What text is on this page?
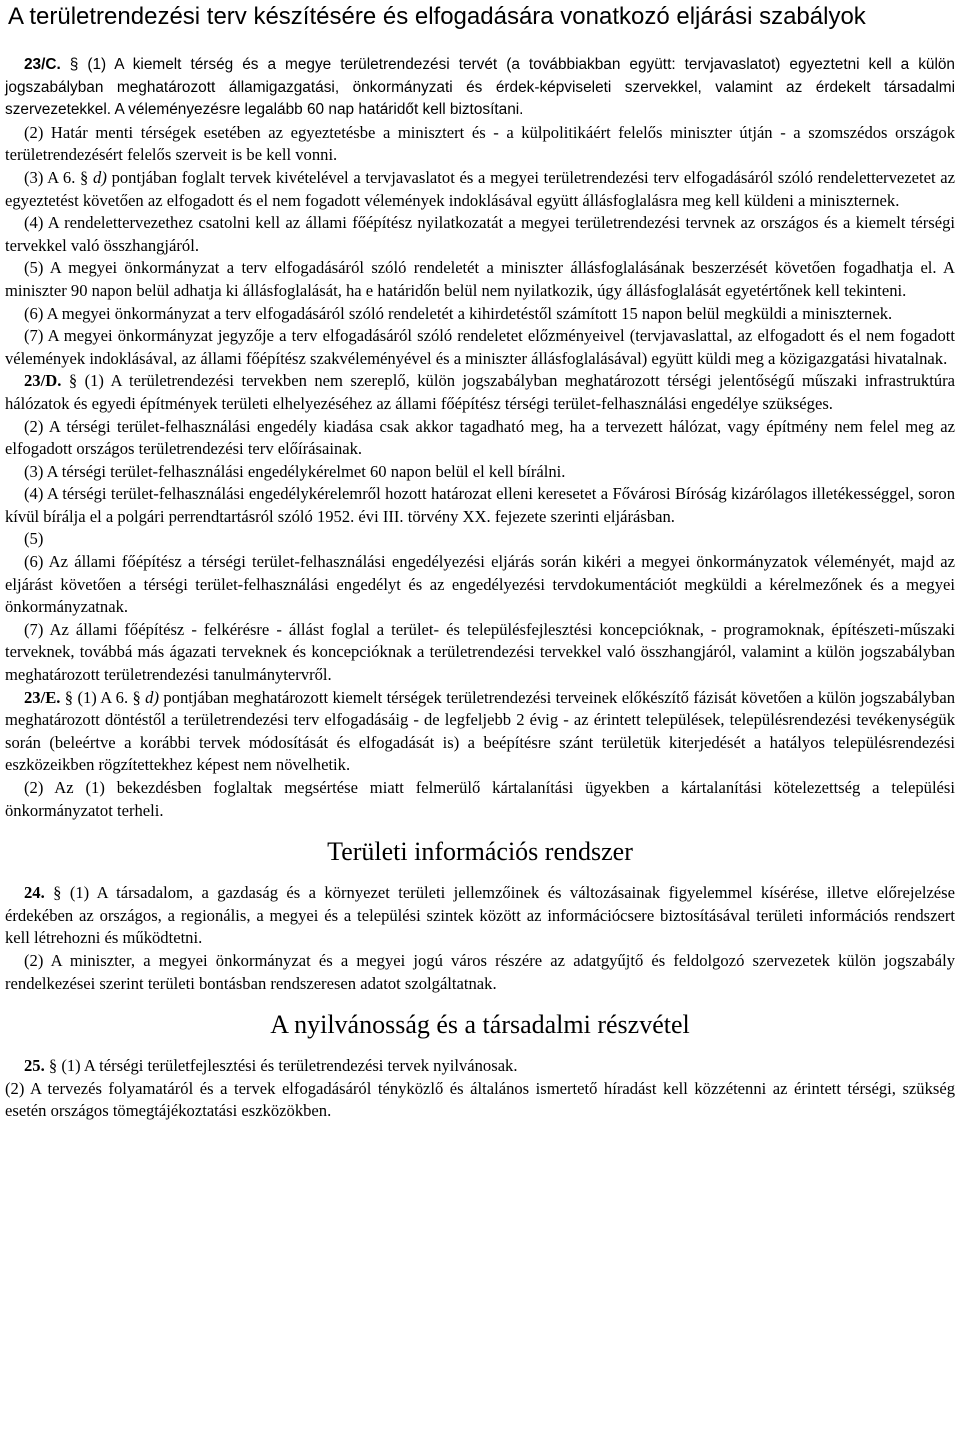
A területrendezési terv készítésére és elfogadására vonatkozó eljárási szabályok

23/C. § (1) A kiemelt térség és a megye területrendezési tervét (a továbbiakban együtt: tervjavaslatot) egyeztetni kell a külön jogszabályban meghatározott államigazgatási, önkormányzati és érdek-képviseleti szervekkel, valamint az érdekelt társadalmi szervezetekkel. A véleményezésre legalább 60 nap határidőt kell biztosítani.

(2) Határ menti térségek esetében az egyeztetésbe a minisztert és - a külpolitikáért felelős miniszter útján - a szomszédos országok területrendezésért felelős szerveit is be kell vonni.

(3) A 6. § d) pontjában foglalt tervek kivételével a tervjavaslatot és a megyei területrendezési terv elfogadásáról szóló rendelettervezetet az egyeztetést követően az elfogadott és el nem fogadott vélemények indoklásával együtt állásfoglalásra meg kell küldeni a miniszternek.

(4) A rendelettervezethez csatolni kell az állami főépítész nyilatkozatát a megyei területrendezési tervnek az országos és a kiemelt térségi tervekkel való összhangjáról.

(5) A megyei önkormányzat a terv elfogadásáról szóló rendeletét a miniszter állásfoglalásának beszerzését követően fogadhatja el. A miniszter 90 napon belül adhatja ki állásfoglalását, ha e határidőn belül nem nyilatkozik, úgy állásfoglalását egyetértőnek kell tekinteni.

(6) A megyei önkormányzat a terv elfogadásáról szóló rendeletét a kihirdetéstől számított 15 napon belül megküldi a miniszternek.

(7) A megyei önkormányzat jegyzője a terv elfogadásáról szóló rendeletet előzményeivel (tervjavaslattal, az elfogadott és el nem fogadott vélemények indoklásával, az állami főépítész szakvéleményével és a miniszter állásfoglalásával) együtt küldi meg a közigazgatási hivatalnak.

23/D. § (1) A területrendezési tervekben nem szereplő, külön jogszabályban meghatározott térségi jelentőségű műszaki infrastruktúra hálózatok és egyedi építmények területi elhelyezéséhez az állami főépítész térségi terület-felhasználási engedélye szükséges.

(2) A térségi terület-felhasználási engedély kiadása csak akkor tagadható meg, ha a tervezett hálózat, vagy építmény nem felel meg az elfogadott országos területrendezési terv előírásainak.

(3) A térségi terület-felhasználási engedélykérelmet 60 napon belül el kell bírálni.

(4) A térségi terület-felhasználási engedélykérelemről hozott határozat elleni keresetet a Fővárosi Bíróság kizárólagos illetékességgel, soron kívül bírálja el a polgári perrendtartásról szóló 1952. évi III. törvény XX. fejezete szerinti eljárásban.

(5)

(6) Az állami főépítész a térségi terület-felhasználási engedélyezési eljárás során kikéri a megyei önkormányzatok véleményét, majd az eljárást követően a térségi terület-felhasználási engedélyt és az engedélyezési tervdokumentációt megküldi a kérelmezőnek és a megyei önkormányzatnak.

(7) Az állami főépítész - felkérésre - állást foglal a terület- és településfejlesztési koncepcióknak, - programoknak, építészeti-műszaki terveknek, továbbá más ágazati terveknek és koncepcióknak a területrendezési tervekkel való összhangjáról, valamint a külön jogszabályban meghatározott területrendezési tanulmánytervről.

23/E. § (1) A 6. § d) pontjában meghatározott kiemelt térségek területrendezési terveinek előkészítő fázisát követően a külön jogszabályban meghatározott döntéstől a területrendezési terv elfogadásáig - de legfeljebb 2 évig - az érintett települések, településrendezési tevékenységük során (beleértve a korábbi tervek módosítását és elfogadását is) a beépítésre szánt területük kiterjedését a hatályos településrendezési eszközeikben rögzítettekhez képest nem növelhetik.

(2) Az (1) bekezdésben foglaltak megsértése miatt felmerülő kártalanítási ügyekben a kártalanítási kötelezettség a települési önkormányzatot terheli.

Területi információs rendszer

24. § (1) A társadalom, a gazdaság és a környezet területi jellemzőinek és változásainak figyelemmel kísérése, illetve előrejelzése érdekében az országos, a regionális, a megyei és a települési szintek között az információcsere biztosításával területi információs rendszert kell létrehozni és működtetni.

(2) A miniszter, a megyei önkormányzat és a megyei jogú város részére az adatgyűjtő és feldolgozó szervezetek külön jogszabály rendelkezései szerint területi bontásban rendszeresen adatot szolgáltatnak.

A nyilvánosság és a társadalmi részvétel

25. § (1) A térségi területfejlesztési és területrendezési tervek nyilvánosak.

(2) A tervezés folyamatáról és a tervek elfogadásáról tényközlő és általános ismertető híradást kell közzétenni az érintett térségi, szükség esetén országos tömegtájékoztatási eszközökben.
